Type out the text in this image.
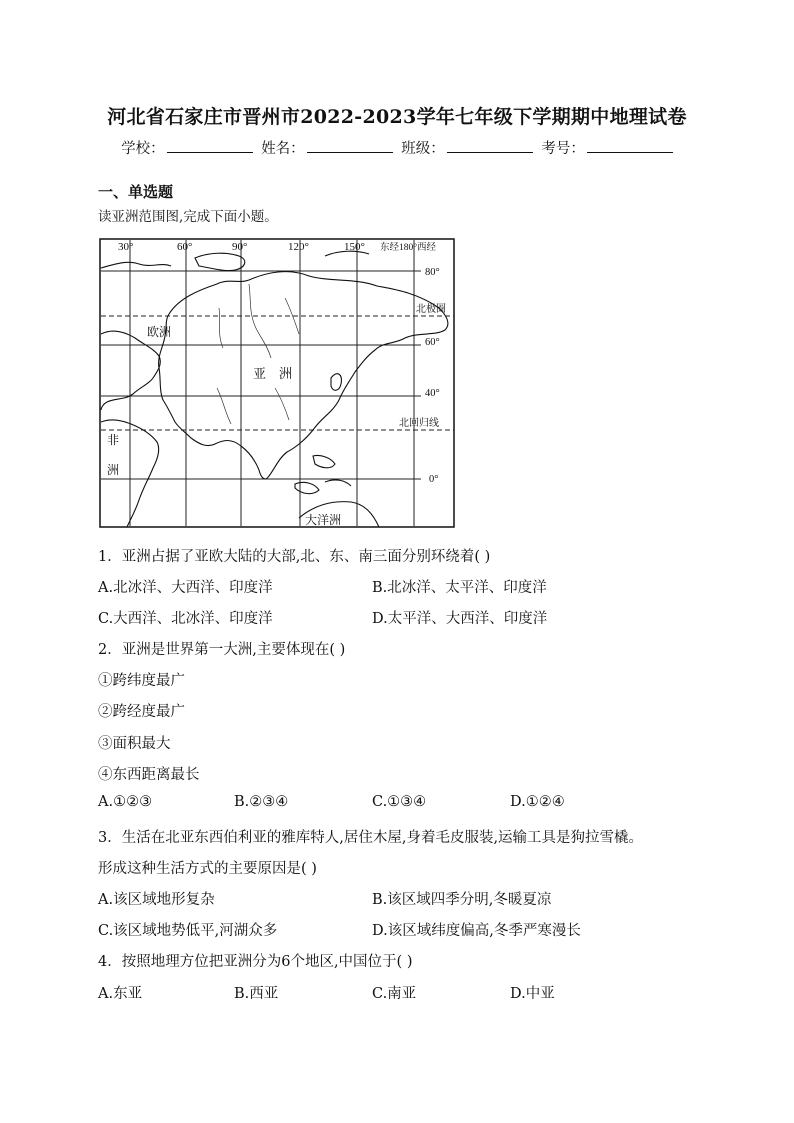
河北省石家庄市晋州市2022-2023学年七年级下学期期中地理试卷
学校：	姓名：	班级：	考号：
一、单选题
读亚洲范围图,完成下面小题。
30°	60°	90°	120°	150° 东经180°西经
80°
北极圈
60°
40°
北回归线
0°
欧洲
亚　洲
非
洲
大洋洲
1．亚洲占据了亚欧大陆的大部,北、东、南三面分别环绕着( )
A.北冰洋、大西洋、印度洋	B.北冰洋、太平洋、印度洋
C.大西洋、北冰洋、印度洋	D.太平洋、大西洋、印度洋
2．亚洲是世界第一大洲,主要体现在( )
①跨纬度最广
②跨经度最广
③面积最大
④东西距离最长
A.①②③	B.②③④	C.①③④	D.①②④
3．生活在北亚东西伯利亚的雅库特人,居住木屋,身着毛皮服装,运输工具是狗拉雪橇。
形成这种生活方式的主要原因是( )
A.该区域地形复杂	B.该区域四季分明,冬暖夏凉
C.该区域地势低平,河湖众多	D.该区域纬度偏高,冬季严寒漫长
4．按照地理方位把亚洲分为6个地区,中国位于( )
A.东亚	B.西亚	C.南亚	D.中亚
